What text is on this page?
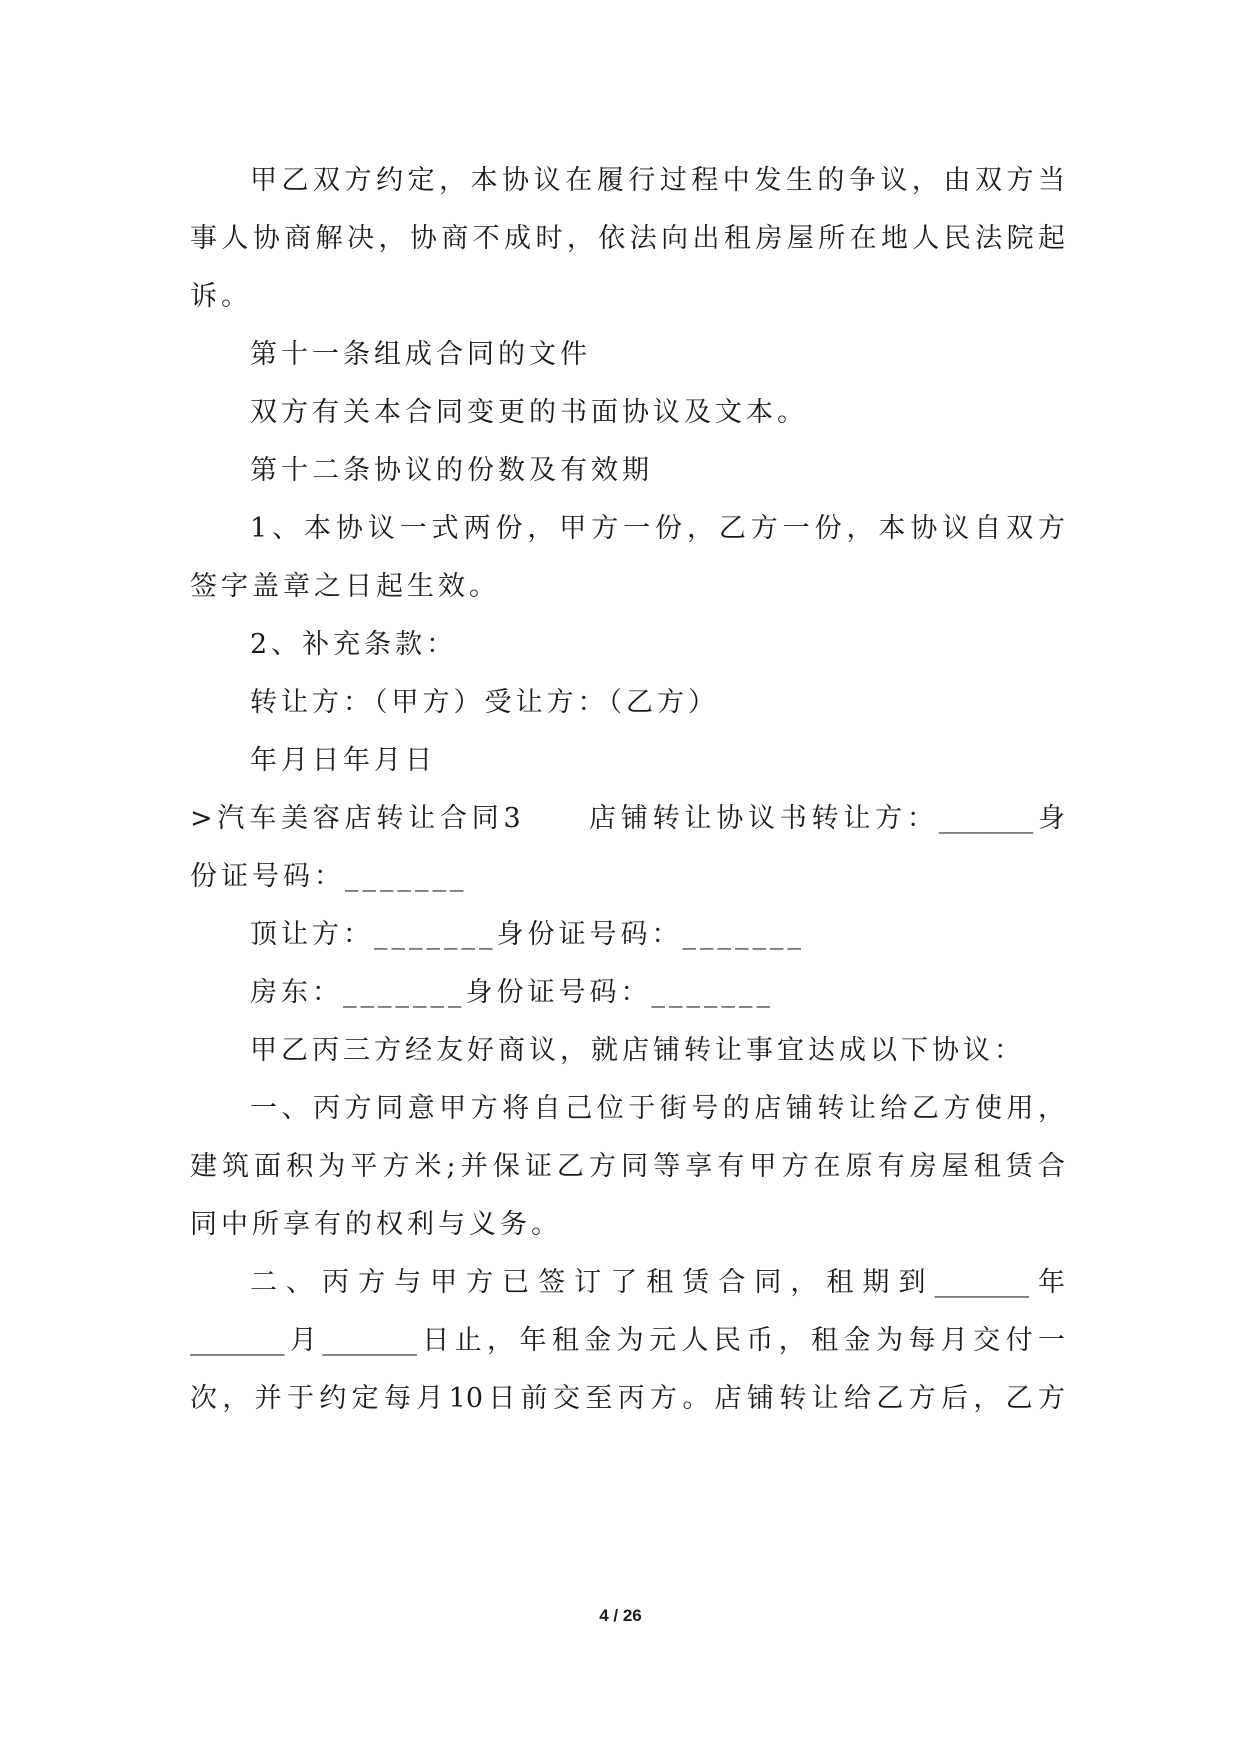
甲乙双方约定，本协议在履行过程中发生的争议，由双方当
事人协商解决，协商不成时，依法向出租房屋所在地人民法院起
诉。
第十一条组成合同的文件
双方有关本合同变更的书面协议及文本。
第十二条协议的份数及有效期
1、本协议一式两份，甲方一份，乙方一份，本协议自双方
签字盖章之日起生效。
2、补充条款：
转让方：（甲方）受让方：（乙方）
年月日年月日
>汽车美容店转让合同3　　店铺转让协议书转让方：_______身
份证号码：_______
顶让方：_______身份证号码：_______
房东：_______身份证号码：_______
甲乙丙三方经友好商议，就店铺转让事宜达成以下协议：
一、丙方同意甲方将自己位于街号的店铺转让给乙方使用，
建筑面积为平方米;并保证乙方同等享有甲方在原有房屋租赁合
同中所享有的权利与义务。
二、丙方与甲方已签订了租赁合同，租期到_______年
_______月_______日止，年租金为元人民币，租金为每月交付一
次，并于约定每月10日前交至丙方。店铺转让给乙方后，乙方
4 / 26
